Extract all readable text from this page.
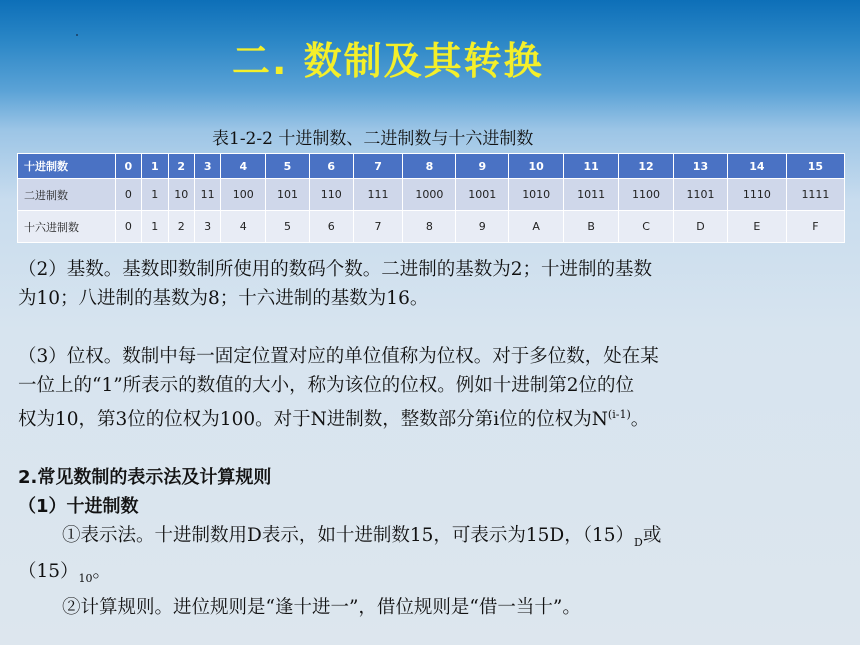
二. 数制及其转换
表1-2-2 十进制数、二进制数与十六进制数
十进制数	0	1	2	3	4	5	6	7	8	9	10	11	12	13	14	15
二进制数	0	1	10	11	100	101	110	111	1000	1001	1010	1011	1100	1101	1110	1111
十六进制数	0	1	2	3	4	5	6	7	8	9	A	B	C	D	E	F

（2）基数。基数即数制所使用的数码个数。二进制的基数为2；十进制的基数

为10；八进制的基数为8；十六进制的基数为16。

（3）位权。数制中每一固定位置对应的单位值称为位权。对于多位数，处在某

一位上的“1”所表示的数值的大小，称为该位的位权。例如十进制第2位的位

权为10，第3位的位权为100。对于N进制数，整数部分第i位的位权为$N^{(i-1)}$。

2.常见数制的表示法及计算规则

（1）十进制数

①表示法。十进制数用D表示，如十进制数15，可表示为15D，$(15)_D$或

$(15)_{10}$。

②计算规则。进位规则是“逢十进一”，借位规则是“借一当十”。
